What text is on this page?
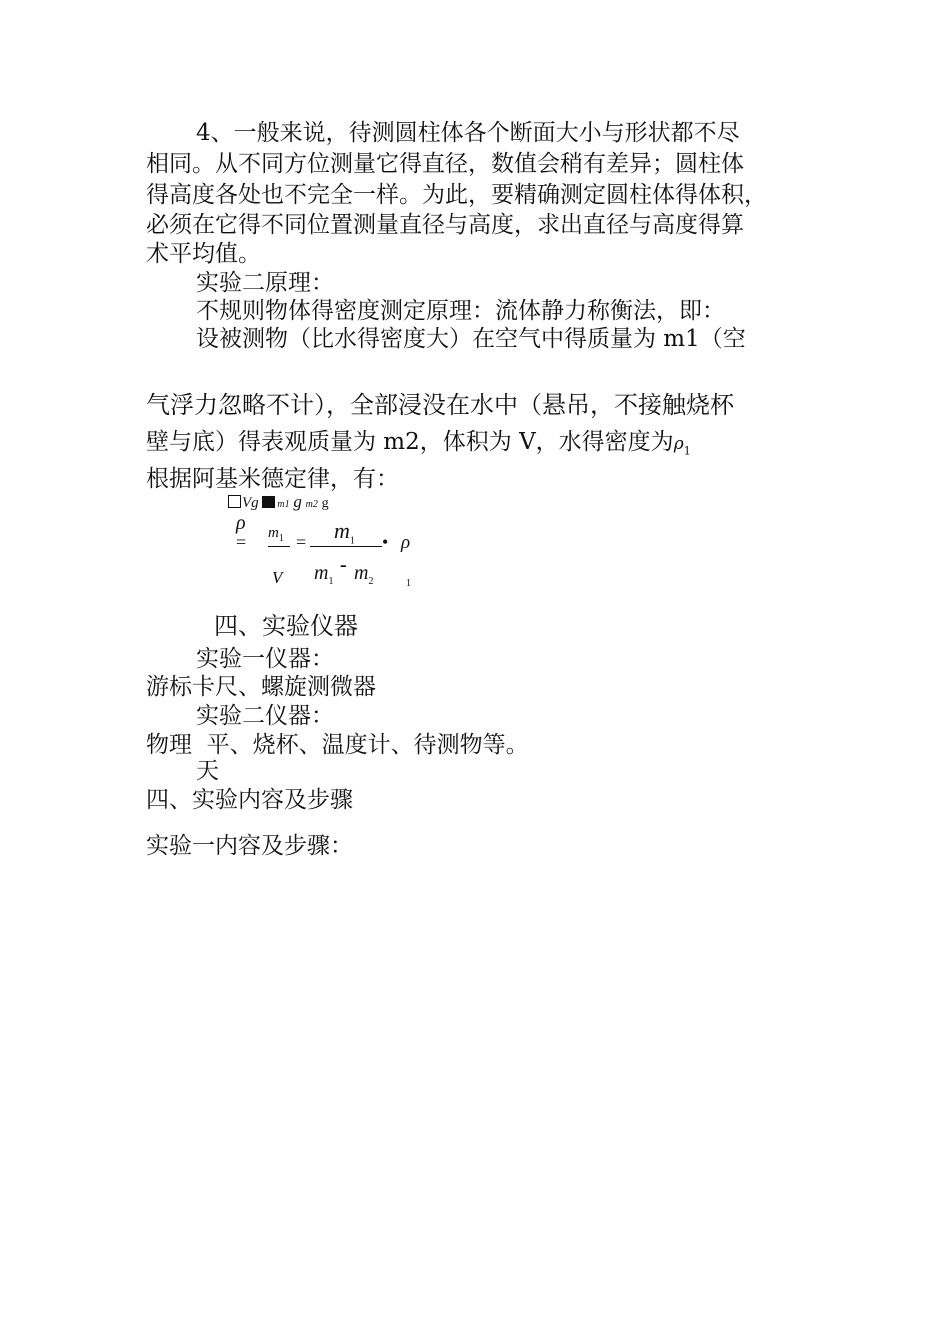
4、一般来说，待测圆柱体各个断面大小与形状都不尽
相同。从不同方位测量它得直径，数值会稍有差异；圆柱体
得高度各处也不完全一样。为此，要精确测定圆柱体得体积，
必须在它得不同位置测量直径与高度，求出直径与高度得算
术平均值。
实验二原理：
不规则物体得密度测定原理：流体静力称衡法，即：
设被测物（比水得密度大）在空气中得质量为 m1（空
气浮力忽略不计），全部浸没在水中（悬吊，不接触烧杯
壁与底）得表观质量为 m2，体积为 V，水得密度为$\rho_1$
根据阿基米德定律，有：
Vg m1 g m2 g
ρ
= $m_1$
V
= $m_1$ • ρ
$m_1$
- $m_2$	1
四、实验仪器
实验一仪器：
游标卡尺、螺旋测微器
实验二仪器：
物理 平、烧杯、温度计、待测物等。
天
四、实验内容及步骤
实验一内容及步骤：
